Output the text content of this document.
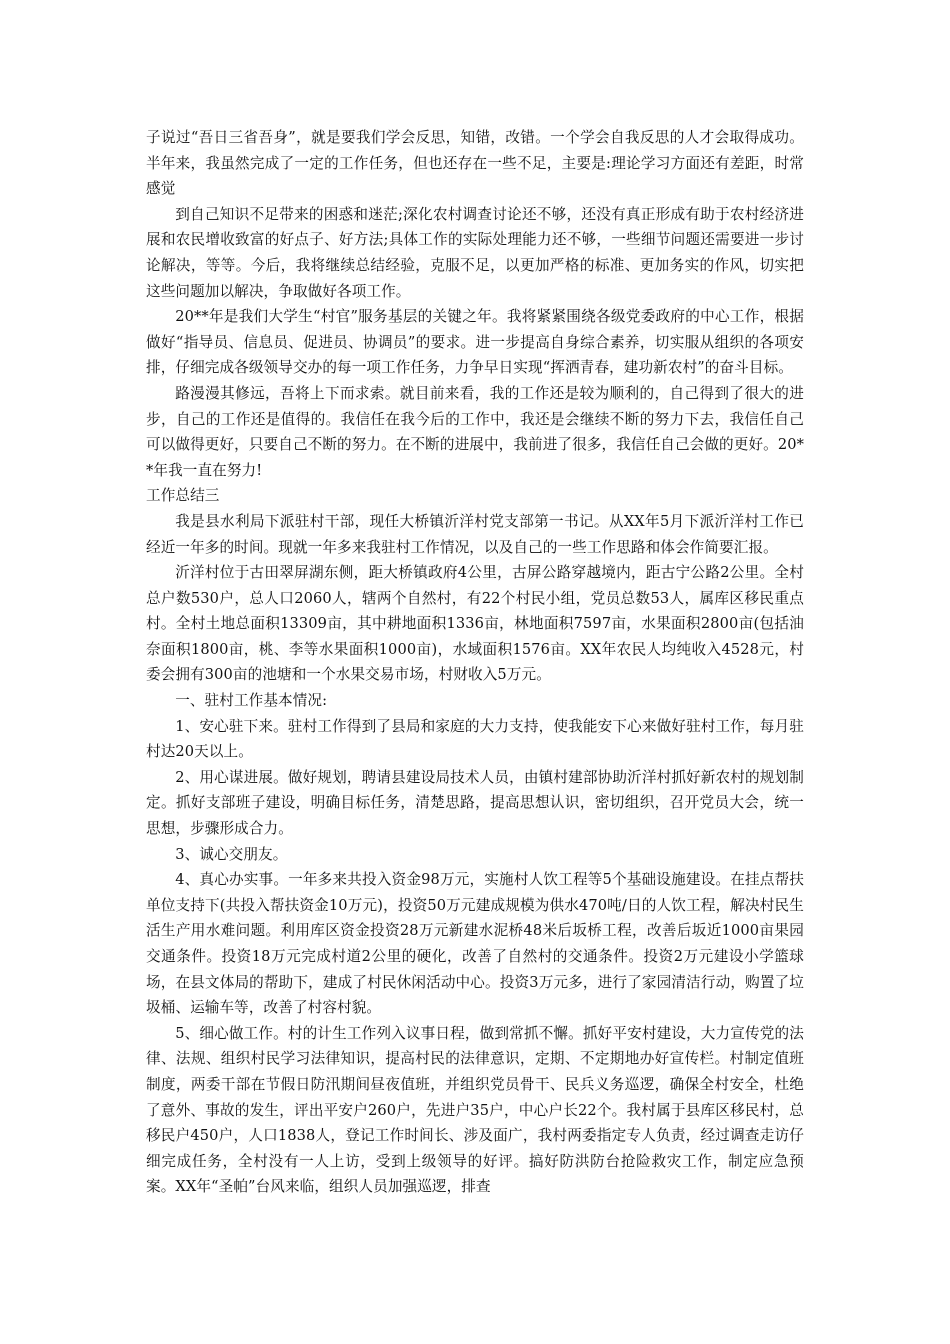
子说过“吾日三省吾身”，就是要我们学会反思，知错，改错。一个学会自我反思的人才会取得成功。半年来，我虽然完成了一定的工作任务，但也还存在一些不足，主要是:理论学习方面还有差距，时常感觉

到自己知识不足带来的困惑和迷茫;深化农村调查讨论还不够，还没有真正形成有助于农村经济进展和农民增收致富的好点子、好方法;具体工作的实际处理能力还不够，一些细节问题还需要进一步讨论解决，等等。今后，我将继续总结经验，克服不足，以更加严格的标准、更加务实的作风，切实把这些问题加以解决，争取做好各项工作。

20**年是我们大学生“村官”服务基层的关键之年。我将紧紧围绕各级党委政府的中心工作，根据做好“指导员、信息员、促进员、协调员”的要求。进一步提高自身综合素养，切实服从组织的各项安排，仔细完成各级领导交办的每一项工作任务，力争早日实现“挥洒青春，建功新农村”的奋斗目标。

路漫漫其修远，吾将上下而求索。就目前来看，我的工作还是较为顺利的，自己得到了很大的进步，自己的工作还是值得的。我信任在我今后的工作中，我还是会继续不断的努力下去，我信任自己可以做得更好，只要自己不断的努力。在不断的进展中，我前进了很多，我信任自己会做的更好。20**年我一直在努力!

工作总结三

我是县水利局下派驻村干部，现任大桥镇沂洋村党支部第一书记。从XX年5月下派沂洋村工作已经近一年多的时间。现就一年多来我驻村工作情况，以及自己的一些工作思路和体会作简要汇报。

沂洋村位于古田翠屏湖东侧，距大桥镇政府4公里，古屏公路穿越境内，距古宁公路2公里。全村总户数530户，总人口2060人，辖两个自然村，有22个村民小组，党员总数53人，属库区移民重点村。全村土地总面积13309亩，其中耕地面积1336亩，林地面积7597亩，水果面积2800亩(包括油奈面积1800亩，桃、李等水果面积1000亩)，水域面积1576亩。XX年农民人均纯收入4528元，村委会拥有300亩的池塘和一个水果交易市场，村财收入5万元。

一、驻村工作基本情况:

1、安心驻下来。驻村工作得到了县局和家庭的大力支持，使我能安下心来做好驻村工作，每月驻村达20天以上。

2、用心谋进展。做好规划，聘请县建设局技术人员，由镇村建部协助沂洋村抓好新农村的规划制定。抓好支部班子建设，明确目标任务，清楚思路，提高思想认识，密切组织，召开党员大会，统一思想，步骤形成合力。

3、诚心交朋友。

4、真心办实事。一年多来共投入资金98万元，实施村人饮工程等5个基础设施建设。在挂点帮扶单位支持下(共投入帮扶资金10万元)，投资50万元建成规模为供水470吨/日的人饮工程，解决村民生活生产用水难问题。利用库区资金投资28万元新建水泥桥48米后坂桥工程，改善后坂近1000亩果园交通条件。投资18万元完成村道2公里的硬化，改善了自然村的交通条件。投资2万元建设小学篮球场，在县文体局的帮助下，建成了村民休闲活动中心。投资3万元多，进行了家园清洁行动，购置了垃圾桶、运输车等，改善了村容村貌。

5、细心做工作。村的计生工作列入议事日程，做到常抓不懈。抓好平安村建设，大力宣传党的法律、法规、组织村民学习法律知识，提高村民的法律意识，定期、不定期地办好宣传栏。村制定值班制度，两委干部在节假日防汛期间昼夜值班，并组织党员骨干、民兵义务巡逻，确保全村安全，杜绝了意外、事故的发生，评出平安户260户，先进户35户，中心户长22个。我村属于县库区移民村，总移民户450户，人口1838人，登记工作时间长、涉及面广，我村两委指定专人负责，经过调查走访仔细完成任务，全村没有一人上访，受到上级领导的好评。搞好防洪防台抢险救灾工作，制定应急预案。XX年“圣帕”台风来临，组织人员加强巡逻，排查
